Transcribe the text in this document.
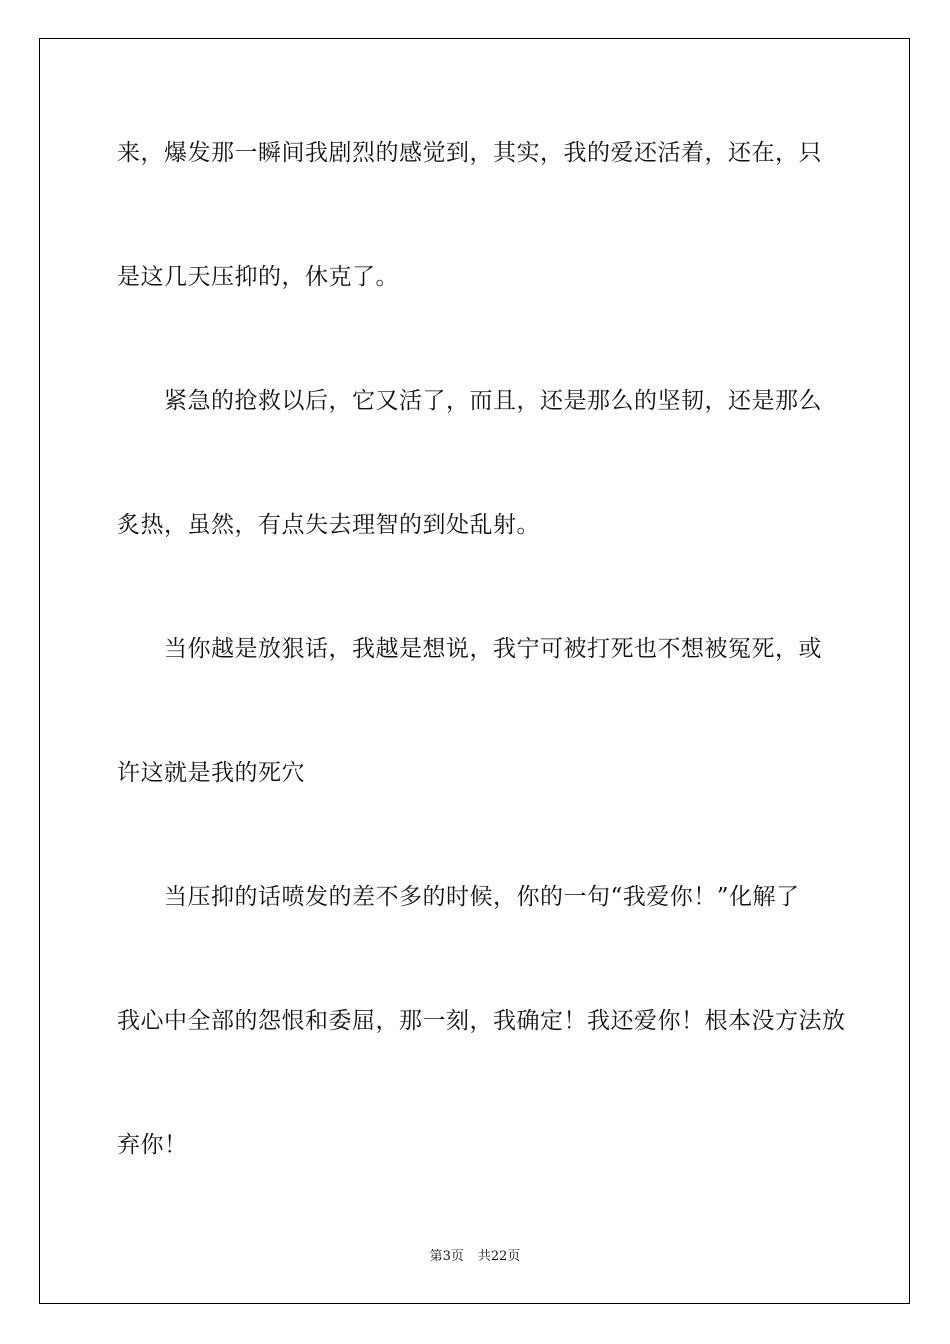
来，爆发那一瞬间我剧烈的感觉到，其实，我的爱还活着，还在，只
是这几天压抑的，休克了。
　　紧急的抢救以后，它又活了，而且，还是那么的坚韧，还是那么
炙热，虽然，有点失去理智的到处乱射。
　　当你越是放狠话，我越是想说，我宁可被打死也不想被冤死，或
许这就是我的死穴
　　当压抑的话喷发的差不多的时候，你的一句“我爱你！”化解了
我心中全部的怨恨和委屈，那一刻，我确定！我还爱你！根本没方法放
弃你！
第3页 共22页
